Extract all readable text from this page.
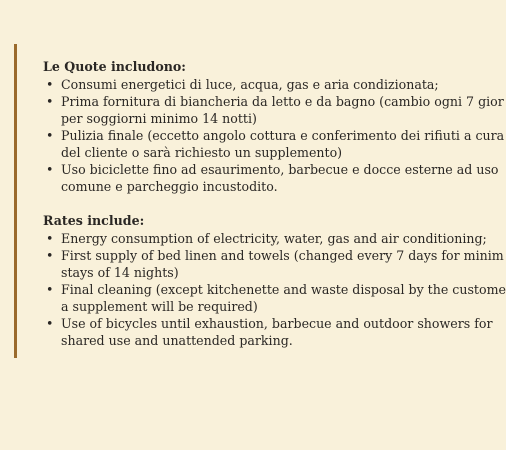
Le Quote includono:
• Consumi energetici di luce, acqua, gas e aria condizionata;
• Prima fornitura di biancheria da letto e da bagno (cambio ogni 7 gior
per soggiorni minimo 14 notti)
• Pulizia finale (eccetto angolo cottura e conferimento dei rifiuti a cura
del cliente o sarà richiesto un supplemento)
• Uso biciclette fino ad esaurimento, barbecue e docce esterne ad uso
comune e parcheggio incustodito.
Rates include:
• Energy consumption of electricity, water, gas and air conditioning;
• First supply of bed linen and towels (changed every 7 days for minim
stays of 14 nights)
• Final cleaning (except kitchenette and waste disposal by the custome
a supplement will be required)
• Use of bicycles until exhaustion, barbecue and outdoor showers for
shared use and unattended parking.
